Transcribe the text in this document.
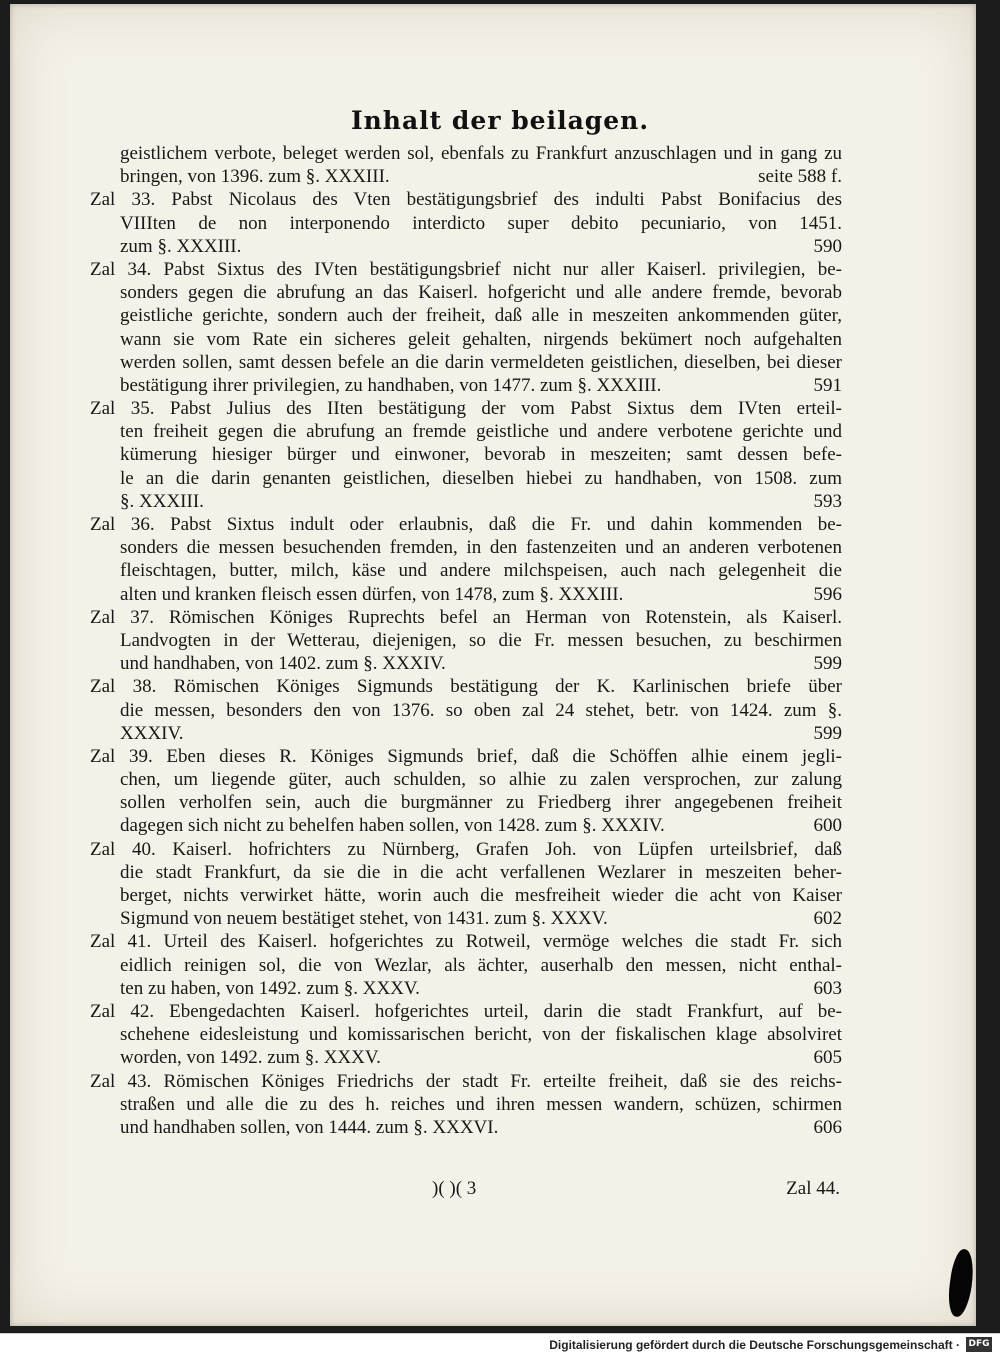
Inhalt der beilagen.
geistlichem verbote, beleget werden sol, ebenfals zu Frankfurt anzuschlagen und in gang zu
bringen, von 1396. zum §. XXXIII.	seite 588 f.
Zal 33. Pabst Nicolaus des Vten bestätigungsbrief des indulti Pabst Bonifacius des
VIIIten de non interponendo interdicto super debito pecuniario, von 1451.
zum §. XXXIII.	590
Zal 34. Pabst Sixtus des IVten bestätigungsbrief nicht nur aller Kaiserl. privilegien, be-
sonders gegen die abrufung an das Kaiserl. hofgericht und alle andere fremde, bevorab
geistliche gerichte, sondern auch der freiheit, daß alle in meszeiten ankommenden güter,
wann sie vom Rate ein sicheres geleit gehalten, nirgends bekümert noch aufgehalten
werden sollen, samt dessen befele an die darin vermeldeten geistlichen, dieselben, bei dieser
bestätigung ihrer privilegien, zu handhaben, von 1477. zum §. XXXIII.	591
Zal 35. Pabst Julius des IIten bestätigung der vom Pabst Sixtus dem IVten erteil-
ten freiheit gegen die abrufung an fremde geistliche und andere verbotene gerichte und
kümerung hiesiger bürger und einwoner, bevorab in meszeiten; samt dessen befe-
le an die darin genanten geistlichen, dieselben hiebei zu handhaben, von 1508. zum
§. XXXIII.	593
Zal 36. Pabst Sixtus indult oder erlaubnis, daß die Fr. und dahin kommenden be-
sonders die messen besuchenden fremden, in den fastenzeiten und an anderen verbotenen
fleischtagen, butter, milch, käse und andere milchspeisen, auch nach gelegenheit die
alten und kranken fleisch essen dürfen, von 1478, zum §. XXXIII.	596
Zal 37. Römischen Königes Ruprechts befel an Herman von Rotenstein, als Kaiserl.
Landvogten in der Wetterau, diejenigen, so die Fr. messen besuchen, zu beschirmen
und handhaben, von 1402. zum §. XXXIV.	599
Zal 38. Römischen Königes Sigmunds bestätigung der K. Karlinischen briefe über
die messen, besonders den von 1376. so oben zal 24 stehet, betr. von 1424. zum §.
XXXIV.	599
Zal 39. Eben dieses R. Königes Sigmunds brief, daß die Schöffen alhie einem jegli-
chen, um liegende güter, auch schulden, so alhie zu zalen versprochen, zur zalung
sollen verholfen sein, auch die burgmänner zu Friedberg ihrer angegebenen freiheit
dagegen sich nicht zu behelfen haben sollen, von 1428. zum §. XXXIV.	600
Zal 40. Kaiserl. hofrichters zu Nürnberg, Grafen Joh. von Lüpfen urteilsbrief, daß
die stadt Frankfurt, da sie die in die acht verfallenen Wezlarer in meszeiten beher-
berget, nichts verwirket hätte, worin auch die mesfreiheit wieder die acht von Kaiser
Sigmund von neuem bestätiget stehet, von 1431. zum §. XXXV.	602
Zal 41. Urteil des Kaiserl. hofgerichtes zu Rotweil, vermöge welches die stadt Fr. sich
eidlich reinigen sol, die von Wezlar, als ächter, auserhalb den messen, nicht enthal-
ten zu haben, von 1492. zum §. XXXV.	603
Zal 42. Ebengedachten Kaiserl. hofgerichtes urteil, darin die stadt Frankfurt, auf be-
schehene eidesleistung und komissarischen bericht, von der fiskalischen klage absolviret
worden, von 1492. zum §. XXXV.	605
Zal 43. Römischen Königes Friedrichs der stadt Fr. erteilte freiheit, daß sie des reichs-
straßen und alle die zu des h. reiches und ihren messen wandern, schüzen, schirmen
und handhaben sollen, von 1444. zum §. XXXVI.	606
)( )( 3	Zal 44.
Digitalisierung gefördert durch die Deutsche Forschungsgemeinschaft · DFG
